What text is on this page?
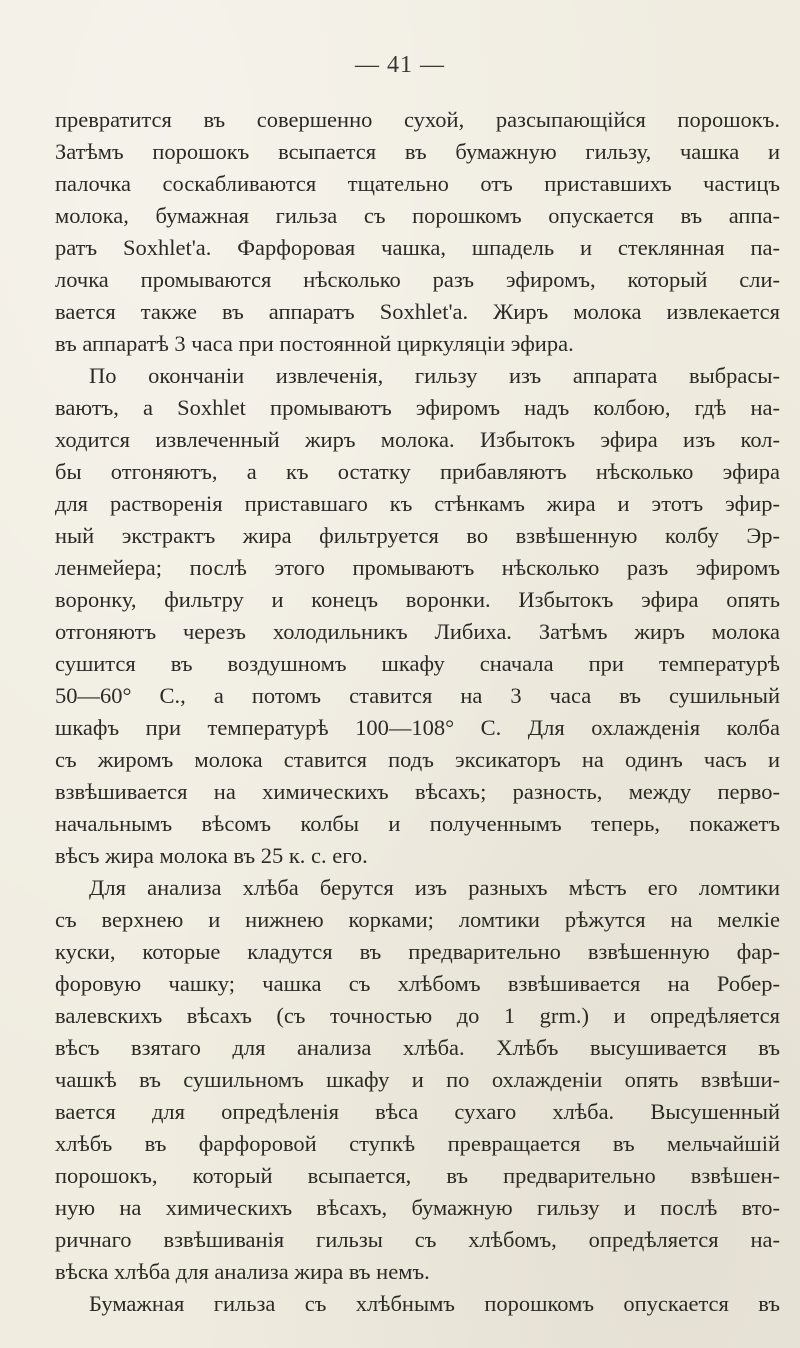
— 41 —
превратится въ совершенно сухой, разсыпающійся порошокъ.
Затѣмъ порошокъ всыпается въ бумажную гильзу, чашка и
палочка соскабливаются тщательно отъ приставшихъ частицъ
молока, бумажная гильза съ порошкомъ опускается въ аппа-
ратъ Soxhlet'а. Фарфоровая чашка, шпадель и стеклянная па-
лочка промываются нѣсколько разъ эфиромъ, который сли-
вается также въ аппаратъ Soxhlet'а. Жиръ молока извлекается
въ аппаратѣ 3 часа при постоянной циркуляціи эфира.
По окончаніи извлеченія, гильзу изъ аппарата выбрасы-
ваютъ, а Soxhlet промываютъ эфиромъ надъ колбою, гдѣ на-
ходится извлеченный жиръ молока. Избытокъ эфира изъ кол-
бы отгоняютъ, а къ остатку прибавляютъ нѣсколько эфира
для растворенія приставшаго къ стѣнкамъ жира и этотъ эфир-
ный экстрактъ жира фильтруется во взвѣшенную колбу Эр-
ленмейера; послѣ этого промываютъ нѣсколько разъ эфиромъ
воронку, фильтру и конецъ воронки. Избытокъ эфира опять
отгоняютъ черезъ холодильникъ Либиха. Затѣмъ жиръ молока
сушится въ воздушномъ шкафу сначала при температурѣ
50—60° С., а потомъ ставится на 3 часа въ сушильный
шкафъ при температурѣ 100—108° С. Для охлажденія колба
съ жиромъ молока ставится подъ эксикаторъ на одинъ часъ и
взвѣшивается на химическихъ вѣсахъ; разность, между перво-
начальнымъ вѣсомъ колбы и полученнымъ теперь, покажетъ
вѣсъ жира молока въ 25 к. с. его.
Для анализа хлѣба берутся изъ разныхъ мѣстъ его ломтики
съ верхнею и нижнею корками; ломтики рѣжутся на мелкіе
куски, которые кладутся въ предварительно взвѣшенную фар-
форовую чашку; чашка съ хлѣбомъ взвѣшивается на Робер-
валевскихъ вѣсахъ (съ точностью до 1 grm.) и опредѣляется
вѣсъ взятаго для анализа хлѣба. Хлѣбъ высушивается въ
чашкѣ въ сушильномъ шкафу и по охлажденіи опять взвѣши-
вается для опредѣленія вѣса сухаго хлѣба. Высушенный
хлѣбъ въ фарфоровой ступкѣ превращается въ мельчайшій
порошокъ, который всыпается, въ предварительно взвѣшен-
ную на химическихъ вѣсахъ, бумажную гильзу и послѣ вто-
ричнаго взвѣшиванія гильзы съ хлѣбомъ, опредѣляется на-
вѣска хлѣба для анализа жира въ немъ.
Бумажная гильза съ хлѣбнымъ порошкомъ опускается въ
